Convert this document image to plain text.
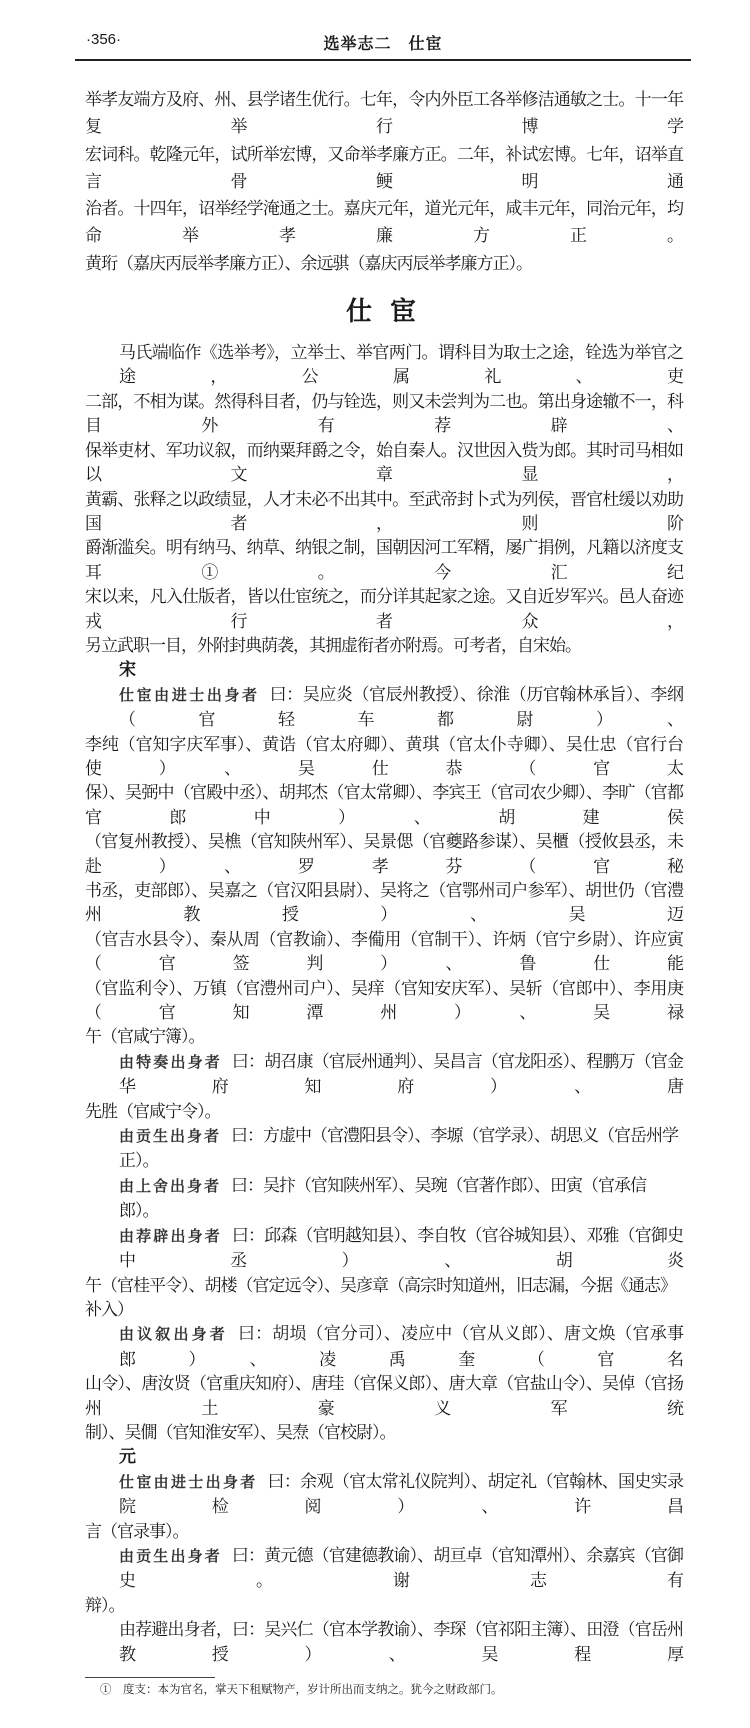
·356·	选举志二　仕宦
举孝友端方及府、州、县学诸生优行。七年，令内外臣工各举修洁通敏之士。十一年复举行博学
宏词科。乾隆元年，试所举宏博，又命举孝廉方正。二年，补试宏博。七年，诏举直言骨鲠明通
治者。十四年，诏举经学淹通之士。嘉庆元年，道光元年，咸丰元年，同治元年，均命举孝廉方正。
黄珩（嘉庆丙辰举孝廉方正）、余远骐（嘉庆丙辰举孝廉方正）。
仕宦
马氏端临作《选举考》，立举士、举官两门。谓科目为取士之途，铨选为举官之途，公属礼、吏
二部，不相为谋。然得科目者，仍与铨选，则又未尝判为二也。第出身途辙不一，科目外有荐辟、
保举吏材、军功议叙，而纳粟拜爵之令，始自秦人。汉世因入赀为郎。其时司马相如以文章显，
黄霸、张释之以政绩显，人才未必不出其中。至武帝封卜式为列侯，晋官杜缓以劝助国者，则阶
爵渐滥矣。明有纳马、纳草、纳银之制，国朝因河工军糈，屡广捐例，凡籍以济度支耳①。今汇纪
宋以来，凡入仕版者，皆以仕宦统之，而分详其起家之途。又自近岁军兴。邑人奋迹戎行者众，
另立武职一目，外附封典荫袭，其拥虚衔者亦附焉。可考者，自宋始。
宋
仕宦由进士出身者 曰：吴应炎（官辰州教授）、徐淮（历官翰林承旨）、李纲（官轻车都尉）、
李纯（官知字庆军事）、黄诰（官太府卿）、黄琪（官太仆寺卿）、吴仕忠（官行台使）、吴仕恭（官太
保）、吴弼中（官殿中丞）、胡邦杰（官太常卿）、李宾王（官司农少卿）、李旷（官都官郎中）、胡建侯
（官复州教授）、吴樵（官知陕州军）、吴景偲（官夔路参谋）、吴櫃（授攸县丞，未赴）、罗孝芬（官秘
书丞，吏部郎）、吴嘉之（官汉阳县尉）、吴将之（官鄂州司户参军）、胡世仍（官澧州教授）、吴迈
（官吉水县令）、秦从周（官教谕）、李僃用（官制干）、许炳（官宁乡尉）、许应寅（官签判）、鲁仕能
（官监利令）、万镇（官澧州司户）、吴痒（官知安庆军）、吴斩（官郎中）、李用庚（官知潭州）、吴禄
午（官咸宁簿）。
由特奏出身者 曰：胡召康（官辰州通判）、吴昌言（官龙阳丞）、程鹏万（官金华府知府）、唐
先胜（官咸宁令）。
由贡生出身者 曰：方虚中（官澧阳县令）、李塬（官学录）、胡思义（官岳州学正）。
由上舍出身者 曰：吴抃（官知陕州军）、吴琬（官著作郎）、田寅（官承信郎）。
由荐辟出身者 曰：邱森（官明越知县）、李自牧（官谷城知县）、邓雅（官御史中丞）、胡炎
午（官桂平令）、胡楼（官定远令）、吴彦章（高宗时知道州，旧志漏，今据《通志》补入）
由议叙出身者 曰：胡埙（官分司）、凌应中（官从义郎）、唐文焕（官承事郎）、凌禹奎（官名
山令）、唐汝贤（官重庆知府）、唐珪（官保义郎）、唐大章（官盐山令）、吴倬（官扬州土豪义军统
制）、吴僩（官知淮安军）、吴焘（官校尉）。
元
仕宦由进士出身者 曰：余观（官太常礼仪院判）、胡定礼（官翰林、国史实录院检阅）、许昌
言（官录事）。
由贡生出身者 曰：黄元德（官建德教谕）、胡亘卓（官知潭州）、余嘉宾（官御史。谢志有
辩）。
由荐避出身者，曰：吴兴仁（官本学教谕）、李琛（官祁阳主簿）、田澄（官岳州教授）、吴程厚
①　度支：本为官名，掌天下租赋物产，岁计所出而支纳之。犹今之财政部门。
